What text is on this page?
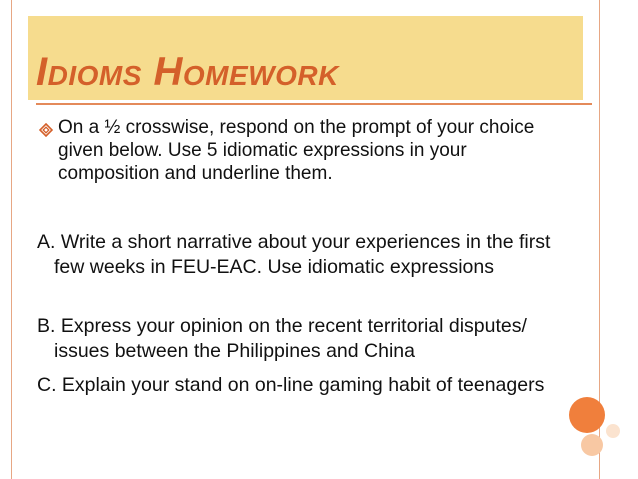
Idioms Homework
On a ½ crosswise, respond on the prompt of your choice given below. Use 5 idiomatic expressions in your composition and underline them.
A. Write a short narrative about your experiences in the first few weeks in FEU-EAC. Use idiomatic expressions
B. Express your opinion on the recent territorial disputes/ issues between the Philippines and China
C. Explain your stand on on-line gaming habit of teenagers
